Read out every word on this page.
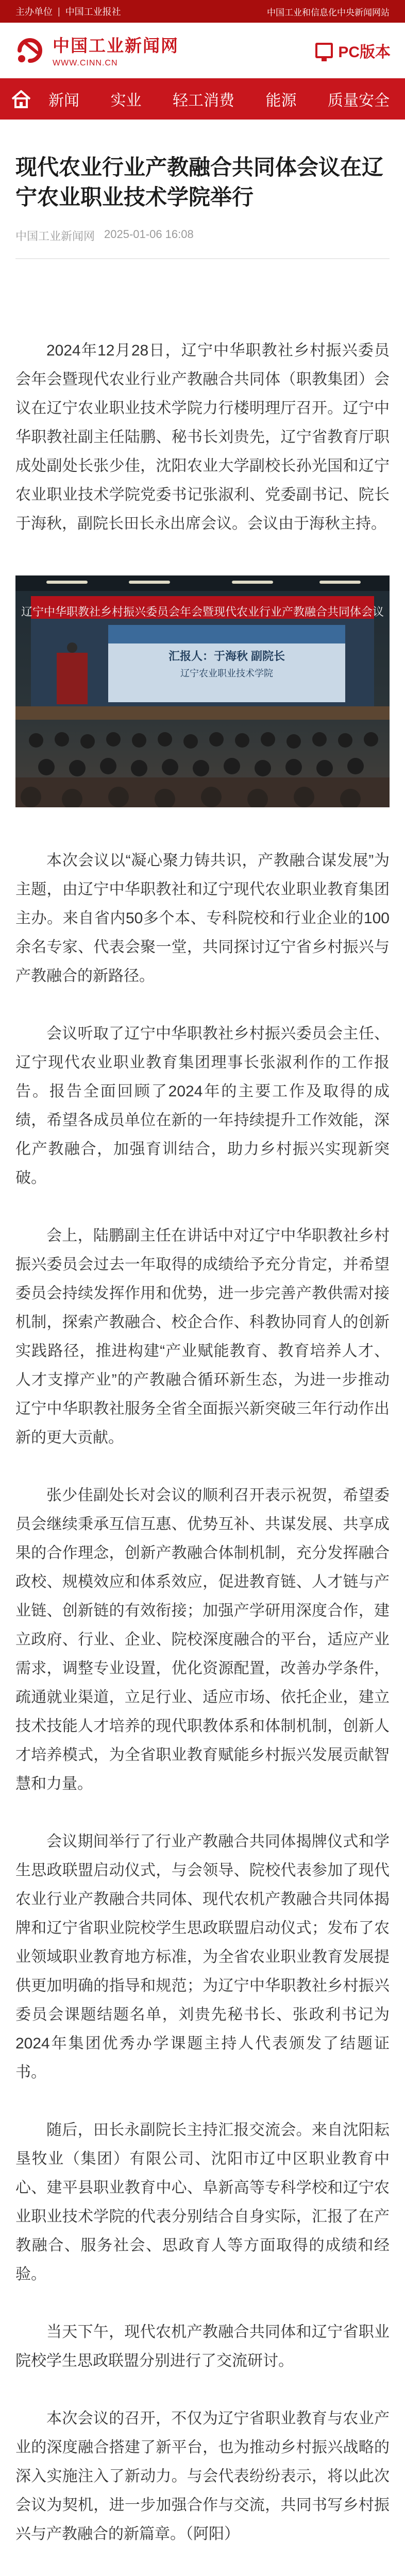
主办单位 | 中国工业报社	中国工业和信息化中央新闻网站
中国工业新闻网
WWW.CINN.CN
PC版本
新闻	实业	轻工消费	能源	质量安全
现代农业行业产教融合共同体会议在辽宁农业职业技术学院举行
中国工业新闻网 2025-01-06 16:08

2024年12月28日，辽宁中华职教社乡村振兴委员会年会暨现代农业行业产教融合共同体（职教集团）会议在辽宁农业职业技术学院力行楼明理厅召开。辽宁中华职教社副主任陆鹏、秘书长刘贵先，辽宁省教育厅职成处副处长张少佳，沈阳农业大学副校长孙光国和辽宁农业职业技术学院党委书记张淑利、党委副书记、院长于海秋，副院长田长永出席会议。会议由于海秋主持。

辽宁中华职教社乡村振兴委员会年会暨现代农业行业产教融合共同体会议
汇报人：于海秋 副院长
辽宁农业职业技术学院

本次会议以“凝心聚力铸共识，产教融合谋发展”为主题，由辽宁中华职教社和辽宁现代农业职业教育集团主办。来自省内50多个本、专科院校和行业企业的100余名专家、代表会聚一堂，共同探讨辽宁省乡村振兴与产教融合的新路径。

会议听取了辽宁中华职教社乡村振兴委员会主任、辽宁现代农业职业教育集团理事长张淑利作的工作报告。报告全面回顾了2024年的主要工作及取得的成绩，希望各成员单位在新的一年持续提升工作效能，深化产教融合，加强育训结合，助力乡村振兴实现新突破。

会上，陆鹏副主任在讲话中对辽宁中华职教社乡村振兴委员会过去一年取得的成绩给予充分肯定，并希望委员会持续发挥作用和优势，进一步完善产教供需对接机制，探索产教融合、校企合作、科教协同育人的创新实践路径，推进构建“产业赋能教育、教育培养人才、人才支撑产业”的产教融合循环新生态，为进一步推动辽宁中华职教社服务全省全面振兴新突破三年行动作出新的更大贡献。

张少佳副处长对会议的顺利召开表示祝贺，希望委员会继续秉承互信互惠、优势互补、共谋发展、共享成果的合作理念，创新产教融合体制机制，充分发挥融合政校、规模效应和体系效应，促进教育链、人才链与产业链、创新链的有效衔接；加强产学研用深度合作，建立政府、行业、企业、院校深度融合的平台，适应产业需求，调整专业设置，优化资源配置，改善办学条件，疏通就业渠道，立足行业、适应市场、依托企业，建立技术技能人才培养的现代职教体系和体制机制，创新人才培养模式，为全省职业教育赋能乡村振兴发展贡献智慧和力量。

会议期间举行了行业产教融合共同体揭牌仪式和学生思政联盟启动仪式，与会领导、院校代表参加了现代农业行业产教融合共同体、现代农机产教融合共同体揭牌和辽宁省职业院校学生思政联盟启动仪式；发布了农业领域职业教育地方标准，为全省农业职业教育发展提供更加明确的指导和规范；为辽宁中华职教社乡村振兴委员会课题结题名单，刘贵先秘书长、张政利书记为2024年集团优秀办学课题主持人代表颁发了结题证书。

随后，田长永副院长主持汇报交流会。来自沈阳耘垦牧业（集团）有限公司、沈阳市辽中区职业教育中心、建平县职业教育中心、阜新高等专科学校和辽宁农业职业技术学院的代表分别结合自身实际，汇报了在产教融合、服务社会、思政育人等方面取得的成绩和经验。

当天下午，现代农机产教融合共同体和辽宁省职业院校学生思政联盟分别进行了交流研讨。

本次会议的召开，不仅为辽宁省职业教育与农业产业的深度融合搭建了新平台，也为推动乡村振兴战略的深入实施注入了新动力。与会代表纷纷表示，将以此次会议为契机，进一步加强合作与交流，共同书写乡村振兴与产教融合的新篇章。（阿阳）
